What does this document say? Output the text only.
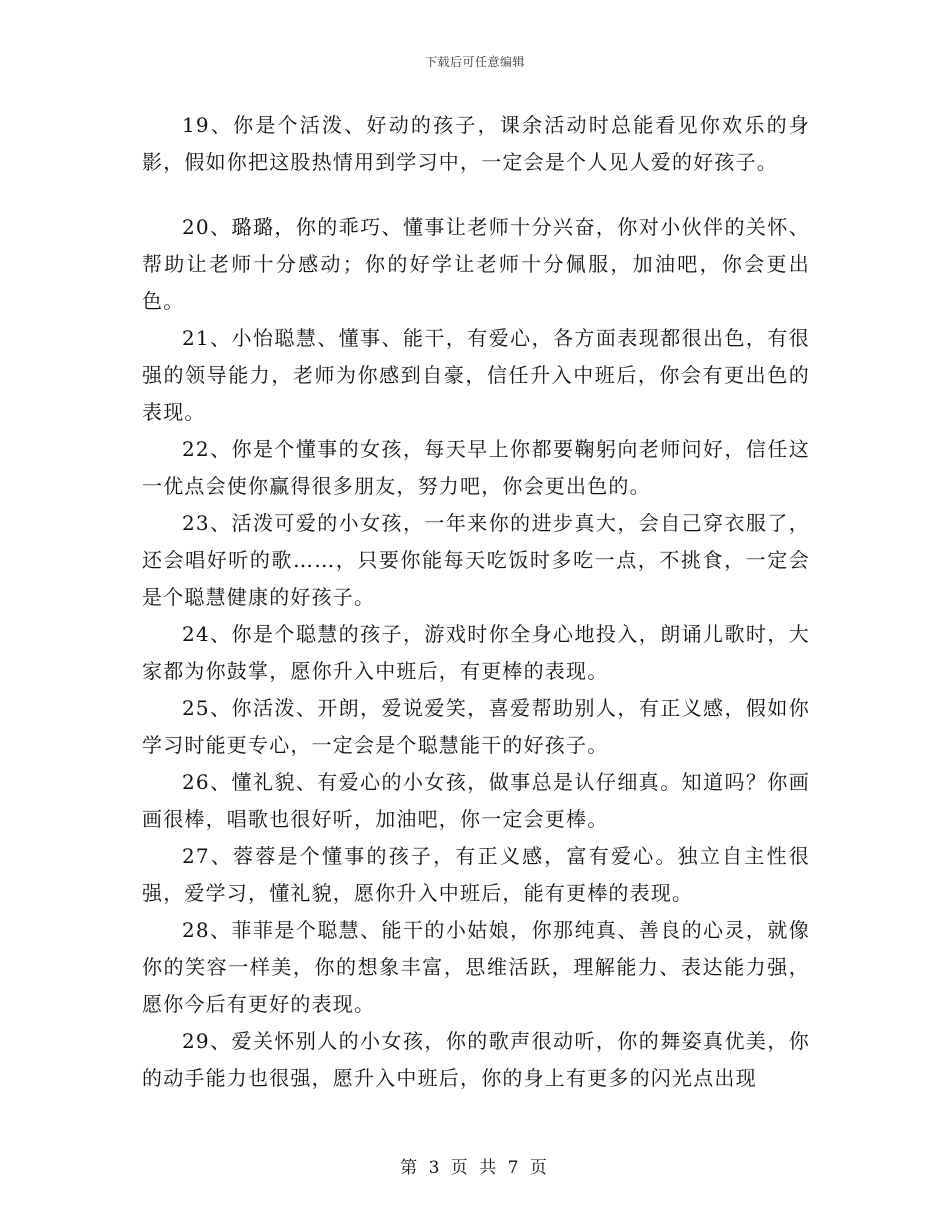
下载后可任意编辑

19、你是个活泼、好动的孩子，课余活动时总能看见你欢乐的身影，假如你把这股热情用到学习中，一定会是个人见人爱的好孩子。

20、璐璐，你的乖巧、懂事让老师十分兴奋，你对小伙伴的关怀、帮助让老师十分感动；你的好学让老师十分佩服，加油吧，你会更出色。

21、小怡聪慧、懂事、能干，有爱心，各方面表现都很出色，有很强的领导能力，老师为你感到自豪，信任升入中班后，你会有更出色的表现。

22、你是个懂事的女孩，每天早上你都要鞠躬向老师问好，信任这一优点会使你赢得很多朋友，努力吧，你会更出色的。

23、活泼可爱的小女孩，一年来你的进步真大，会自己穿衣服了，还会唱好听的歌……，只要你能每天吃饭时多吃一点，不挑食，一定会是个聪慧健康的好孩子。

24、你是个聪慧的孩子，游戏时你全身心地投入，朗诵儿歌时，大家都为你鼓掌，愿你升入中班后，有更棒的表现。

25、你活泼、开朗，爱说爱笑，喜爱帮助别人，有正义感，假如你学习时能更专心，一定会是个聪慧能干的好孩子。

26、懂礼貌、有爱心的小女孩，做事总是认仔细真。知道吗？你画画很棒，唱歌也很好听，加油吧，你一定会更棒。

27、蓉蓉是个懂事的孩子，有正义感，富有爱心。独立自主性很强，爱学习，懂礼貌，愿你升入中班后，能有更棒的表现。

28、菲菲是个聪慧、能干的小姑娘，你那纯真、善良的心灵，就像你的笑容一样美，你的想象丰富，思维活跃，理解能力、表达能力强，愿你今后有更好的表现。

29、爱关怀别人的小女孩，你的歌声很动听，你的舞姿真优美，你的动手能力也很强，愿升入中班后，你的身上有更多的闪光点出现

第 3 页 共 7 页
